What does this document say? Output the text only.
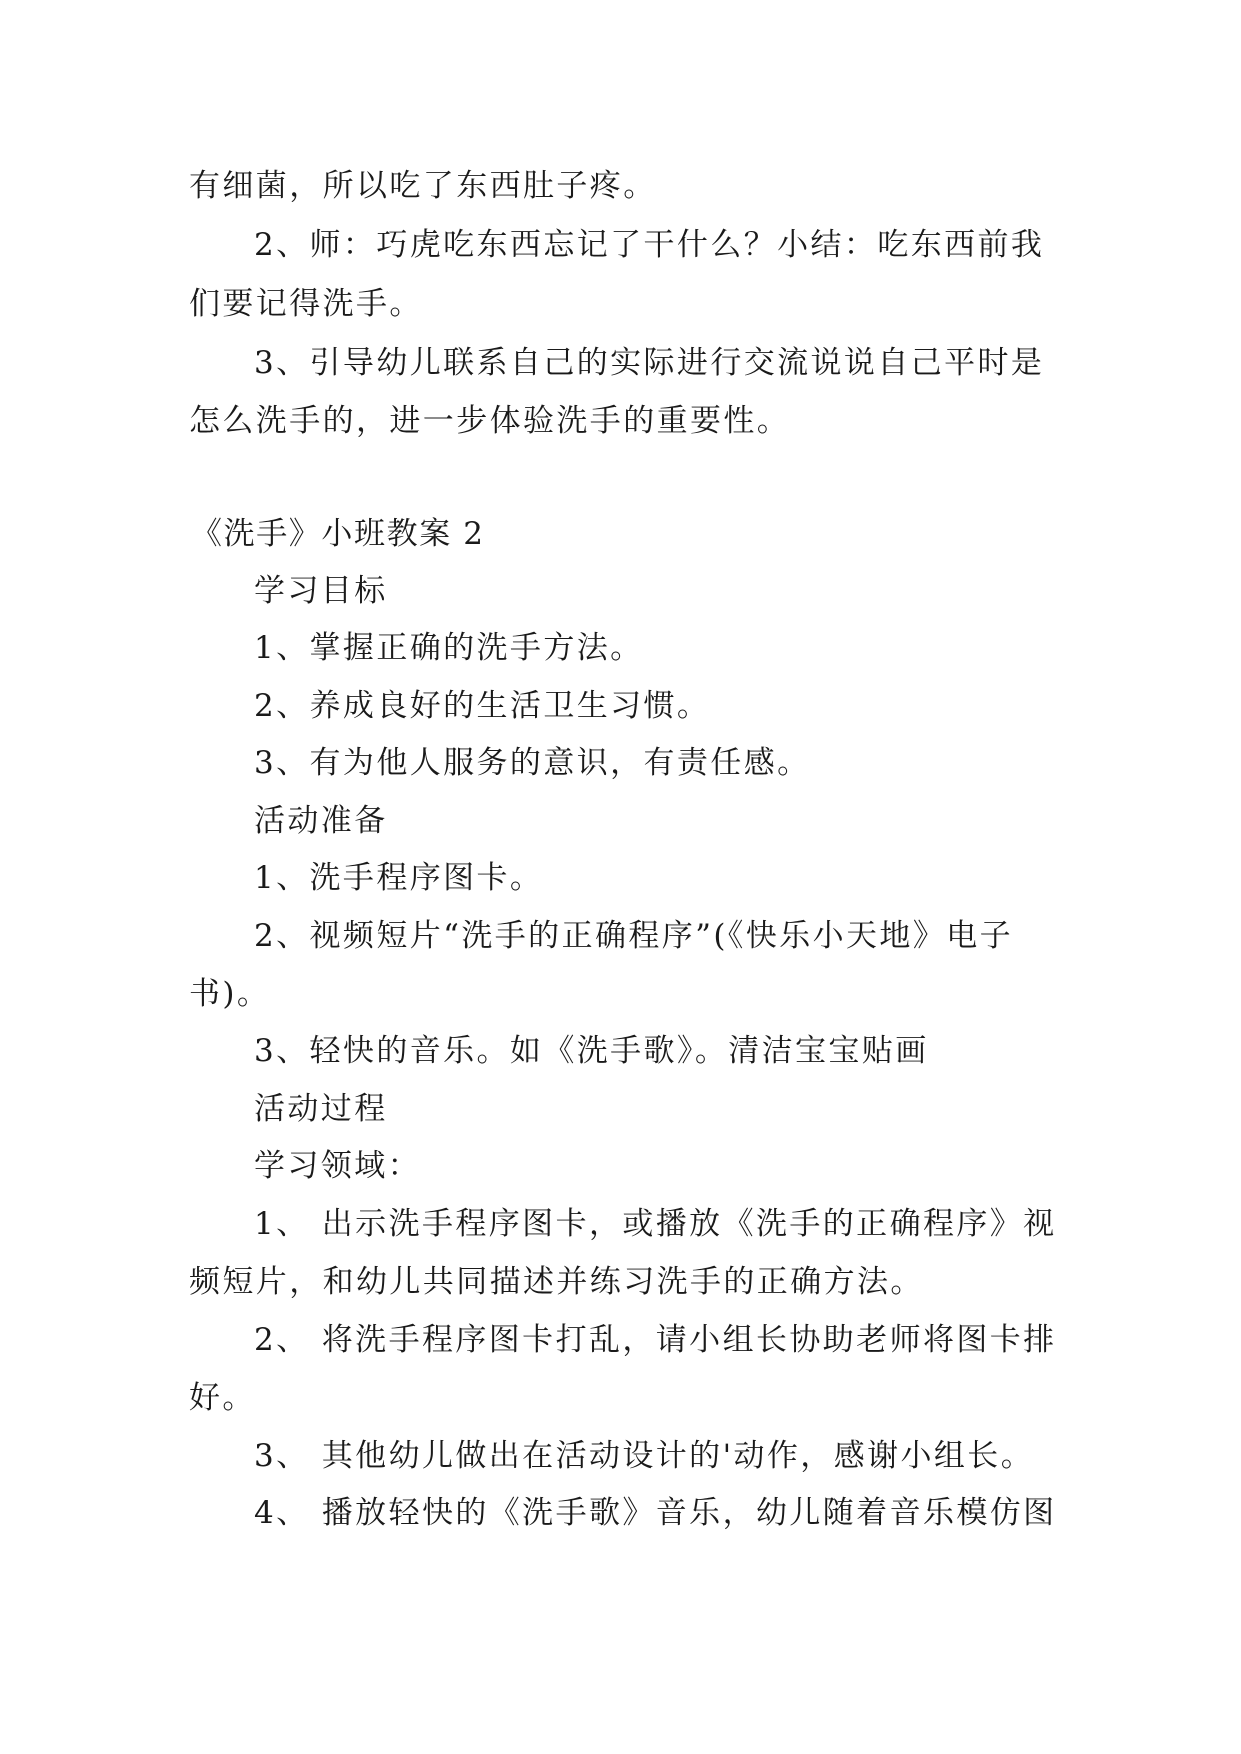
有细菌，所以吃了东西肚子疼。
2、师：巧虎吃东西忘记了干什么？小结：吃东西前我
们要记得洗手。
3、引导幼儿联系自己的实际进行交流说说自己平时是
怎么洗手的，进一步体验洗手的重要性。
《洗手》小班教案 2
学习目标
1、掌握正确的洗手方法。
2、养成良好的生活卫生习惯。
3、有为他人服务的意识，有责任感。
活动准备
1、洗手程序图卡。
2、视频短片“洗手的正确程序”(《快乐小天地》电子
书)。
3、轻快的音乐。如《洗手歌》。清洁宝宝贴画
活动过程
学习领域：
1、 出示洗手程序图卡，或播放《洗手的正确程序》视
频短片，和幼儿共同描述并练习洗手的正确方法。
2、 将洗手程序图卡打乱，请小组长协助老师将图卡排
好。
3、 其他幼儿做出在活动设计的'动作，感谢小组长。
4、 播放轻快的《洗手歌》音乐，幼儿随着音乐模仿图
